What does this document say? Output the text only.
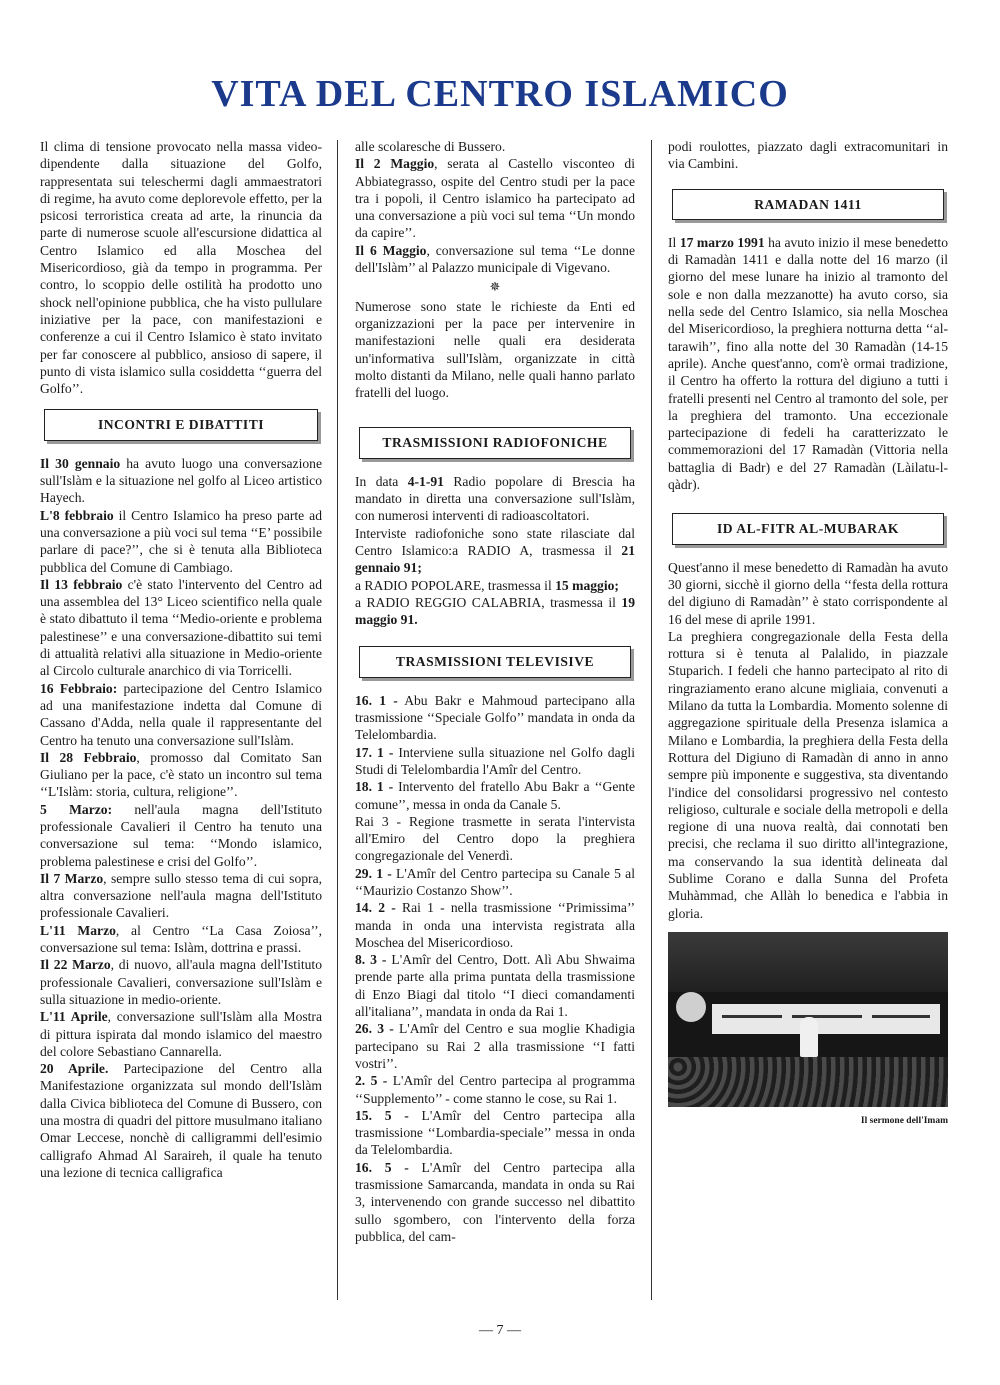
VITA DEL CENTRO ISLAMICO

Il clima di tensione provocato nella massa video-dipendente dalla situazione del Golfo, rappresentata sui teleschermi dagli ammaestratori di regime, ha avuto come deplorevole effetto, per la psicosi terroristica creata ad arte, la rinuncia da parte di numerose scuole all'escursione didattica al Centro Islamico ed alla Moschea del Misericordioso, già da tempo in programma. Per contro, lo scoppio delle ostilità ha prodotto uno shock nell'opinione pubblica, che ha visto pullulare iniziative per la pace, con manifestazioni e conferenze a cui il Centro Islamico è stato invitato per far conoscere al pubblico, ansioso di sapere, il punto di vista islamico sulla cosiddetta ‘‘guerra del Golfo’’.

INCONTRI E DIBATTITI

Il 30 gennaio ha avuto luogo una conversazione sull'Islàm e la situazione nel golfo al Liceo artistico Hayech.

L'8 febbraio il Centro Islamico ha preso parte ad una conversazione a più voci sul tema ‘‘E’ possibile parlare di pace?’’, che si è tenuta alla Biblioteca pubblica del Comune di Cambiago.

Il 13 febbraio c'è stato l'intervento del Centro ad una assemblea del 13° Liceo scientifico nella quale è stato dibattuto il tema ‘‘Medio-oriente e problema palestinese’’ e una conversazione-dibattito sui temi di attualità relativi alla situazione in Medio-oriente al Circolo culturale anarchico di via Torricelli.

16 Febbraio: partecipazione del Centro Islamico ad una manifestazione indetta dal Comune di Cassano d'Adda, nella quale il rappresentante del Centro ha tenuto una conversazione sull'Islàm.

Il 28 Febbraio, promosso dal Comitato San Giuliano per la pace, c'è stato un incontro sul tema ‘‘L'Islàm: storia, cultura, religione’’.

5 Marzo: nell'aula magna dell'Istituto professionale Cavalieri il Centro ha tenuto una conversazione sul tema: ‘‘Mondo islamico, problema palestinese e crisi del Golfo’’.

Il 7 Marzo, sempre sullo stesso tema di cui sopra, altra conversazione nell'aula magna dell'Istituto professionale Cavalieri.

L'11 Marzo, al Centro ‘‘La Casa Zoiosa’’, conversazione sul tema: Islàm, dottrina e prassi.

Il 22 Marzo, di nuovo, all'aula magna dell'Istituto professionale Cavalieri, conversazione sull'Islàm e sulla situazione in medio-oriente.

L'11 Aprile, conversazione sull'Islàm alla Mostra di pittura ispirata dal mondo islamico del maestro del colore Sebastiano Cannarella.

20 Aprile. Partecipazione del Centro alla Manifestazione organizzata sul mondo dell'Islàm dalla Civica biblioteca del Comune di Bussero, con una mostra di quadri del pittore musulmano italiano Omar Leccese, nonchè di calligrammi dell'esimio calligrafo Ahmad Al Saraireh, il quale ha tenuto una lezione di tecnica calligrafica

alle scolaresche di Bussero.

Il 2 Maggio, serata al Castello visconteo di Abbiategrasso, ospite del Centro studi per la pace tra i popoli, il Centro islamico ha partecipato ad una conversazione a più voci sul tema ‘‘Un mondo da capire’’.

Il 6 Maggio, conversazione sul tema ‘‘Le donne dell'Islàm’’ al Palazzo municipale di Vigevano.

✵

Numerose sono state le richieste da Enti ed organizzazioni per la pace per intervenire in manifestazioni nelle quali era desiderata un'informativa sull'Islàm, organizzate in città molto distanti da Milano, nelle quali hanno parlato fratelli del luogo.

TRASMISSIONI RADIOFONICHE

In data 4-1-91 Radio popolare di Brescia ha mandato in diretta una conversazione sull'Islàm, con numerosi interventi di radioascoltatori.

Interviste radiofoniche sono state rilasciate dal Centro Islamico:a RADIO A, trasmessa il 21 gennaio 91;

a RADIO POPOLARE, trasmessa il 15 maggio;

a RADIO REGGIO CALABRIA, trasmessa il 19 maggio 91.

TRASMISSIONI TELEVISIVE

16. 1 - Abu Bakr e Mahmoud partecipano alla trasmissione ‘‘Speciale Golfo’’ mandata in onda da Telelombardia.

17. 1 - Interviene sulla situazione nel Golfo dagli Studi di Telelombardia l'Amîr del Centro.

18. 1 - Intervento del fratello Abu Bakr a ‘‘Gente comune’’, messa in onda da Canale 5.

Rai 3 - Regione trasmette in serata l'intervista all'Emiro del Centro dopo la preghiera congregazionale del Venerdì.

29. 1 - L'Amîr del Centro partecipa su Canale 5 al ‘‘Maurizio Costanzo Show’’.

14. 2 - Rai 1 - nella trasmissione ‘‘Primissima’’ manda in onda una intervista registrata alla Moschea del Misericordioso.

8. 3 - L'Amîr del Centro, Dott. Alì Abu Shwaima prende parte alla prima puntata della trasmissione di Enzo Biagi dal titolo ‘‘I dieci comandamenti all'italiana’’, mandata in onda da Rai 1.

26. 3 - L'Amîr del Centro e sua moglie Khadigia partecipano su Rai 2 alla trasmissione ‘‘I fatti vostri’’.

2. 5 - L'Amîr del Centro partecipa al programma ‘‘Supplemento’’ - come stanno le cose, su Rai 1.

15. 5 - L'Amîr del Centro partecipa alla trasmissione ‘‘Lombardia-speciale’’ messa in onda da Telelombardia.

16. 5 - L'Amîr del Centro partecipa alla trasmissione Samarcanda, mandata in onda su Rai 3, intervenendo con grande successo nel dibattito sullo sgombero, con l'intervento della forza pubblica, del cam-

podi roulottes, piazzato dagli extracomunitari in via Cambini.

RAMADAN 1411

Il 17 marzo 1991 ha avuto inizio il mese benedetto di Ramadàn 1411 e dalla notte del 16 marzo (il giorno del mese lunare ha inizio al tramonto del sole e non dalla mezzanotte) ha avuto corso, sia nella sede del Centro Islamico, sia nella Moschea del Misericordioso, la preghiera notturna detta ‘‘al-tarawih’’, fino alla notte del 30 Ramadàn (14-15 aprile). Anche quest'anno, com'è ormai tradizione, il Centro ha offerto la rottura del digiuno a tutti i fratelli presenti nel Centro al tramonto del sole, per la preghiera del tramonto. Una eccezionale partecipazione di fedeli ha caratterizzato le commemorazioni del 17 Ramadàn (Vittoria nella battaglia di Badr) e del 27 Ramadàn (Làilatu-l-qàdr).

ID AL-FITR AL-MUBARAK

Quest'anno il mese benedetto di Ramadàn ha avuto 30 giorni, sicchè il giorno della ‘‘festa della rottura del digiuno di Ramadàn’’ è stato corrispondente al 16 del mese di aprile 1991.

La preghiera congregazionale della Festa della rottura si è tenuta al Palalido, in piazzale Stuparich. I fedeli che hanno partecipato al rito di ringraziamento erano alcune migliaia, convenuti a Milano da tutta la Lombardia. Momento solenne di aggregazione spirituale della Presenza islamica a Milano e Lombardia, la preghiera della Festa della Rottura del Digiuno di Ramadàn di anno in anno sempre più imponente e suggestiva, sta diventando l'indice del consolidarsi progressivo nel contesto religioso, culturale e sociale della metropoli e della regione di una nuova realtà, dai connotati ben precisi, che reclama il suo diritto all'integrazione, ma conservando la sua identità delineata dal Sublime Corano e dalla Sunna del Profeta Muhàmmad, che Allàh lo benedica e l'abbia in gloria.

Il sermone dell'Imam
— 7 —
